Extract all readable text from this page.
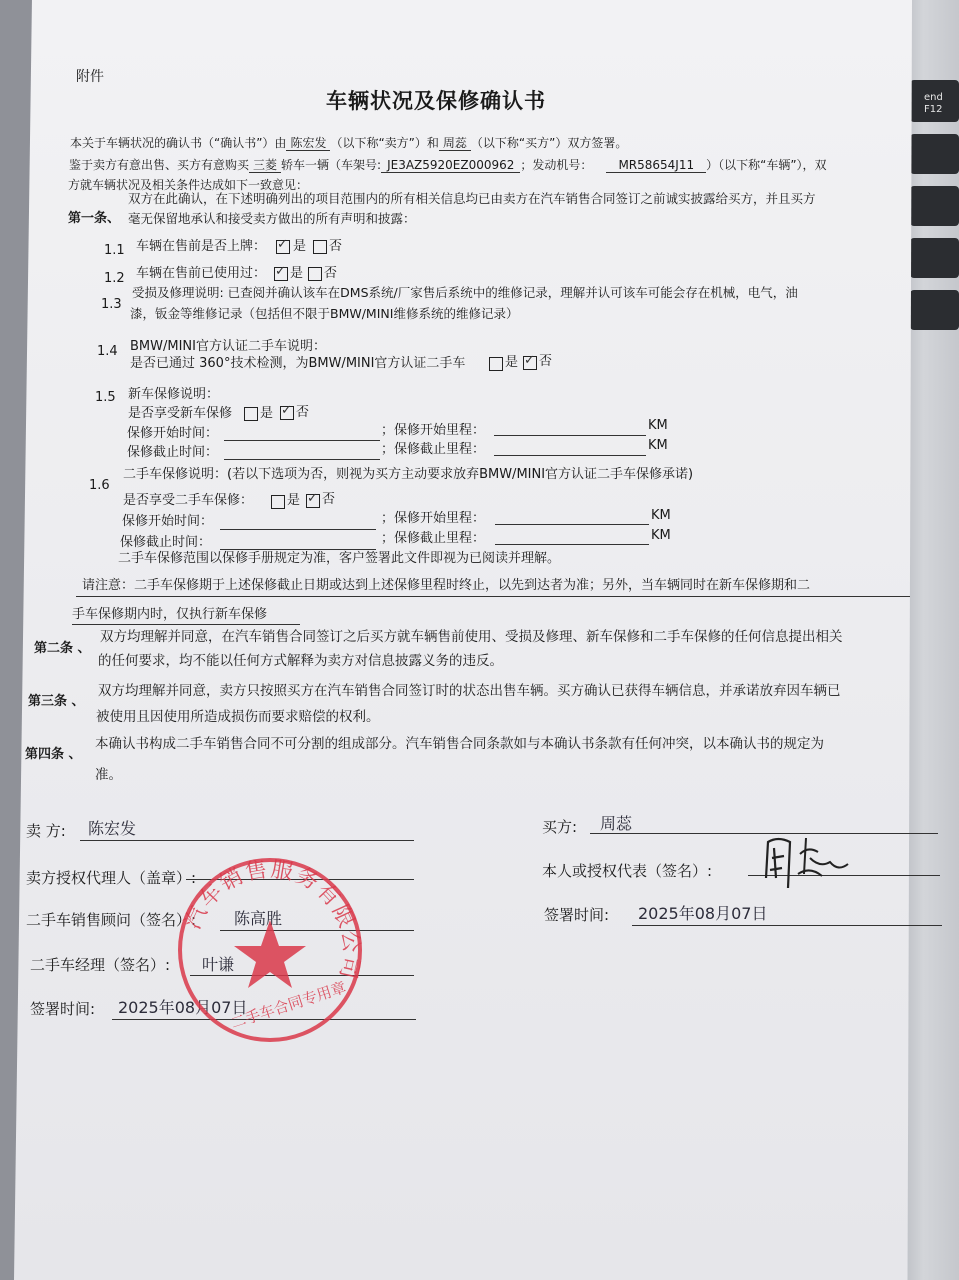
end
F12
附件
车辆状况及保修确认书
本关于车辆状况的确认书（“确认书”）由 陈宏发 （以下称“卖方”）和 周蕊 （以下称“买方”）双方签署。
鉴于卖方有意出售、买方有意购买 三菱 轿车一辆（车架号: JE3AZ5920EZ000962 ；发动机号： MR58654J11 ）（以下称“车辆”），双
方就车辆状况及相关条件达成如下一致意见：
第一条、
双方在此确认，在下述明确列出的项目范围内的所有相关信息均已由卖方在汽车销售合同签订之前诚实披露给买方，并且买方
毫无保留地承认和接受卖方做出的所有声明和披露：
1.1 车辆在售前是否上牌： ✓ 是 否
1.2 车辆在售前已使用过： ✓ 是 否
1.3
受损及修理说明: 已查阅并确认该车在DMS系统/厂家售后系统中的维修记录，理解并认可该车可能会存在机械，电气，油
漆，钣金等维修记录（包括但不限于BMW/MINI维修系统的维修记录）
1.4 BMW/MINI官方认证二手车说明：
是否已通过 360°技术检测，为BMW/MINI官方认证二手车	是 ✓ 否
1.5 新车保修说明：
是否享受新车保修 是 ✓ 否
保修开始时间：	；保修开始里程：	KM
保修截止时间：	；保修截止里程：	KM
1.6
二手车保修说明：(若以下选项为否，则视为买方主动要求放弃BMW/MINI官方认证二手车保修承诺)
是否享受二手车保修：	是 ✓ 否
保修开始时间：	；保修开始里程：	KM
保修截止时间：	；保修截止里程：	KM
二手车保修范围以保修手册规定为准，客户签署此文件即视为已阅读并理解。
请注意：二手车保修期于上述保修截止日期或达到上述保修里程时终止，以先到达者为准；另外，当车辆同时在新车保修期和二
手车保修期内时，仅执行新车保修
第二条 、
双方均理解并同意，在汽车销售合同签订之后买方就车辆售前使用、受损及修理、新车保修和二手车保修的任何信息提出相关
的任何要求，均不能以任何方式解释为卖方对信息披露义务的违反。
第三条 、
双方均理解并同意，卖方只按照买方在汽车销售合同签订时的状态出售车辆。买方确认已获得车辆信息，并承诺放弃因车辆已
被使用且因使用所造成损伤而要求赔偿的权利。
第四条 、
本确认书构成二手车销售合同不可分割的组成部分。汽车销售合同条款如与本确认书条款有任何冲突，以本确认书的规定为
准。
卖 方: 陈宏发
卖方授权代理人（盖章）:
二手车销售顾问（签名）: 陈高胜
二手车经理（签名）: 叶谦
签署时间: 2025年08月07日
买方: 周蕊
本人或授权代表（签名）:
签署时间: 2025年08月07日
汽车销售服务有限公司
二手车合同专用章
